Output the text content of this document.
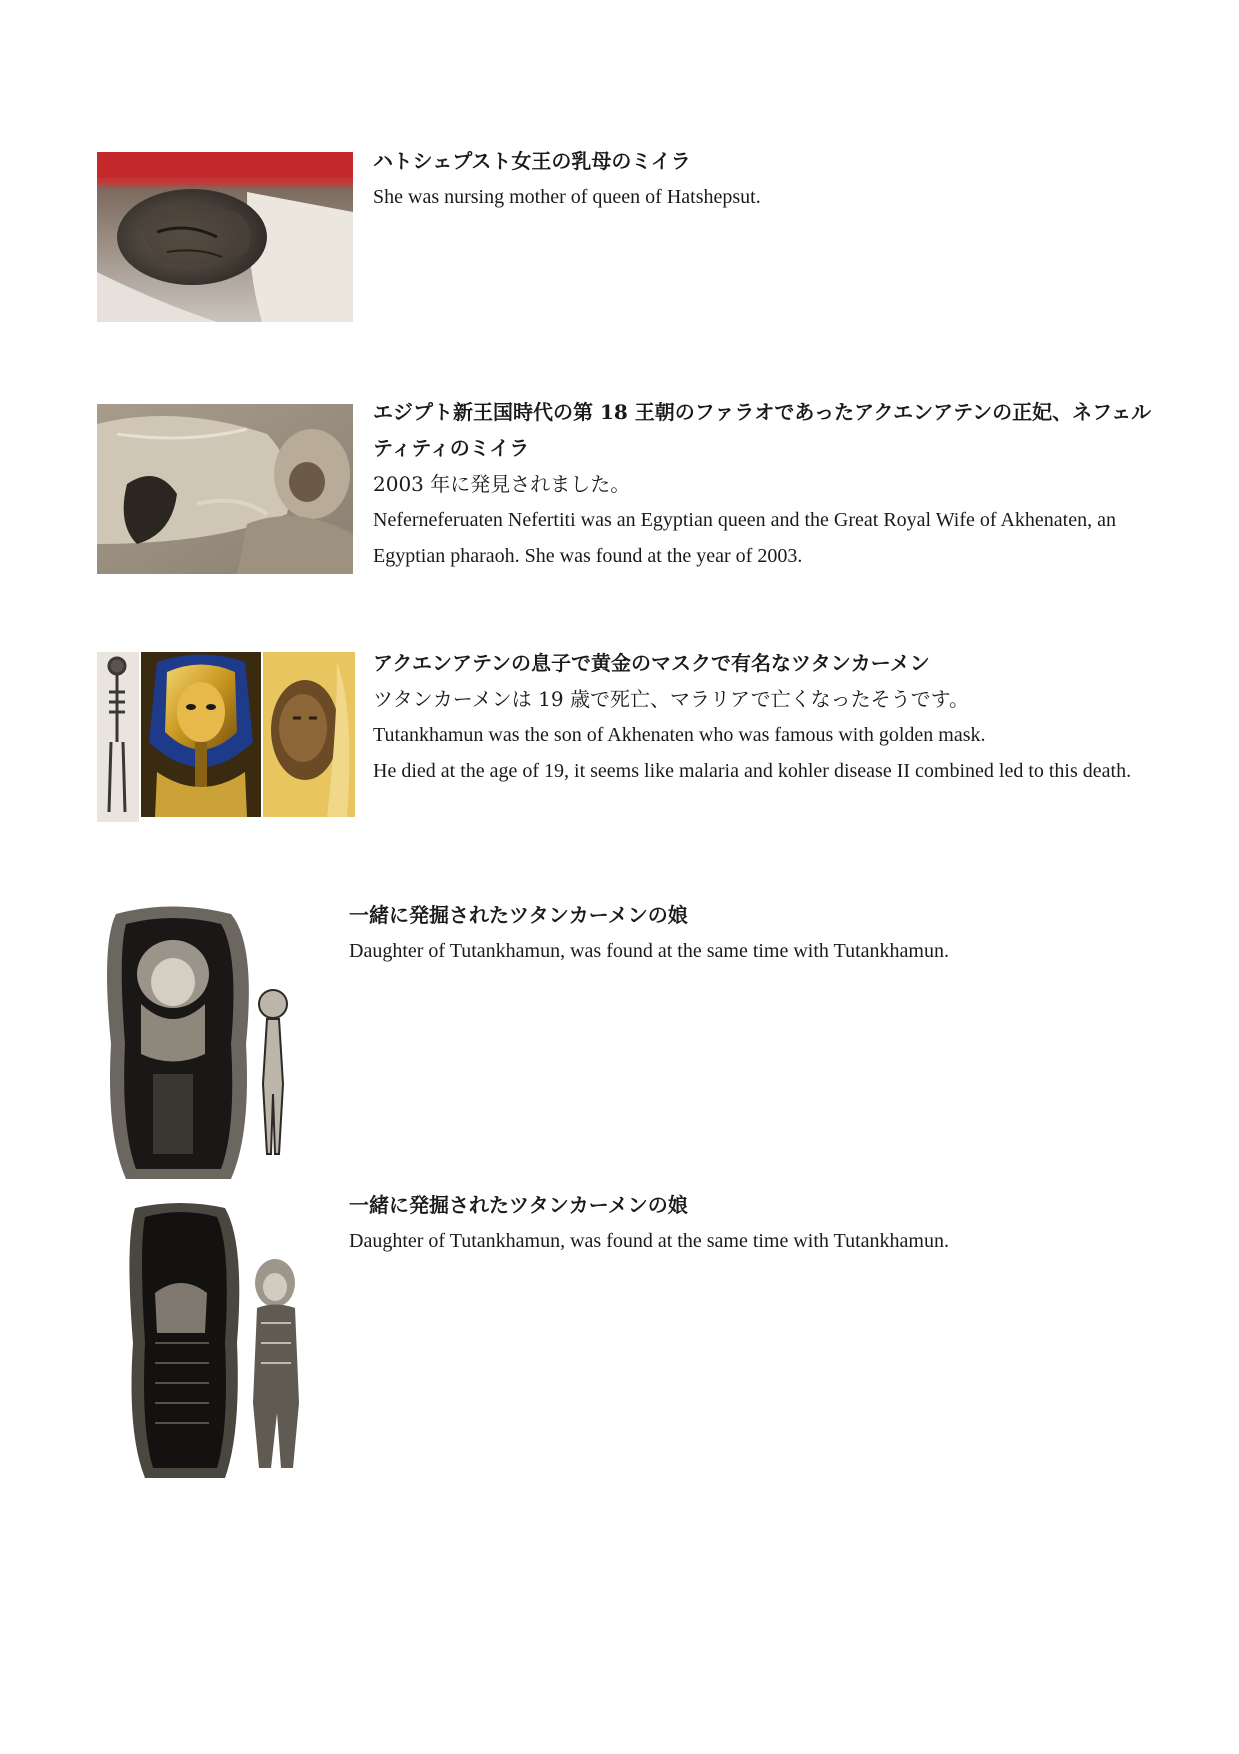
ハトシェプスト女王の乳母のミイラ

She was nursing mother of queen of Hatshepsut.

エジプト新王国時代の第 18 王朝のファラオであったアクエンアテンの正妃、ネフェルティティのミイラ

2003 年に発見されました。

Neferneferuaten Nefertiti was an Egyptian queen and the Great Royal Wife of Akhenaten, an Egyptian pharaoh. She was found at the year of 2003.

アクエンアテンの息子で黄金のマスクで有名なツタンカーメン

ツタンカーメンは 19 歳で死亡、マラリアで亡くなったそうです。

Tutankhamun was the son of Akhenaten who was famous with golden mask.

He died at the age of 19, it seems like malaria and kohler disease II combined led to this death.

一緒に発掘されたツタンカーメンの娘

Daughter of Tutankhamun, was found at the same time with Tutankhamun.

一緒に発掘されたツタンカーメンの娘

Daughter of Tutankhamun, was found at the same time with Tutankhamun.
